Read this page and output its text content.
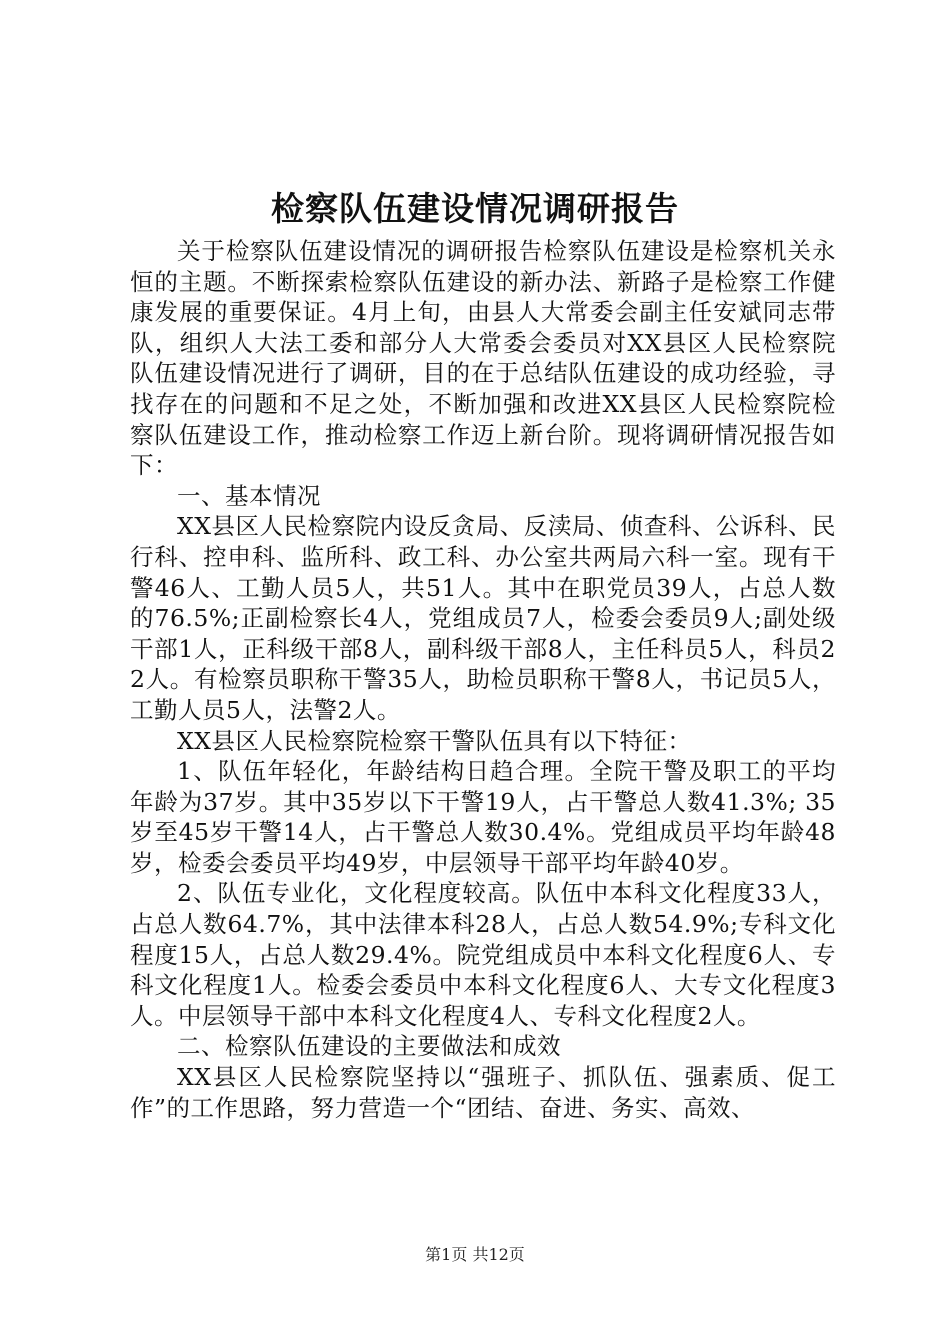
检察队伍建设情况调研报告

关于检察队伍建设情况的调研报告检察队伍建设是检察机关永恒的主题。不断探索检察队伍建设的新办法、新路子是检察工作健康发展的重要保证。4月上旬，由县人大常委会副主任安斌同志带队，组织人大法工委和部分人大常委会委员对XX县区人民检察院队伍建设情况进行了调研，目的在于总结队伍建设的成功经验，寻找存在的问题和不足之处，不断加强和改进XX县区人民检察院检察队伍建设工作，推动检察工作迈上新台阶。现将调研情况报告如下：

一、基本情况

XX县区人民检察院内设反贪局、反渎局、侦查科、公诉科、民行科、控申科、监所科、政工科、办公室共两局六科一室。现有干警46人、工勤人员5人，共51人。其中在职党员39人，占总人数的76.5%;正副检察长4人，党组成员7人，检委会委员9人;副处级干部1人，正科级干部8人，副科级干部8人，主任科员5人，科员22人。有检察员职称干警35人，助检员职称干警8人，书记员5人，工勤人员5人，法警2人。

XX县区人民检察院检察干警队伍具有以下特征：

1、队伍年轻化，年龄结构日趋合理。全院干警及职工的平均年龄为37岁。其中35岁以下干警19人，占干警总人数41.3%; 35岁至45岁干警14人，占干警总人数30.4%。党组成员平均年龄48岁，检委会委员平均49岁，中层领导干部平均年龄40岁。

2、队伍专业化，文化程度较高。队伍中本科文化程度33人，占总人数64.7%，其中法律本科28人，占总人数54.9%;专科文化程度15人，占总人数29.4%。院党组成员中本科文化程度6人、专科文化程度1人。检委会委员中本科文化程度6人、大专文化程度3人。中层领导干部中本科文化程度4人、专科文化程度2人。

二、检察队伍建设的主要做法和成效

XX县区人民检察院坚持以“强班子、抓队伍、强素质、促工作”的工作思路，努力营造一个“团结、奋进、务实、高效、

第1页 共12页
